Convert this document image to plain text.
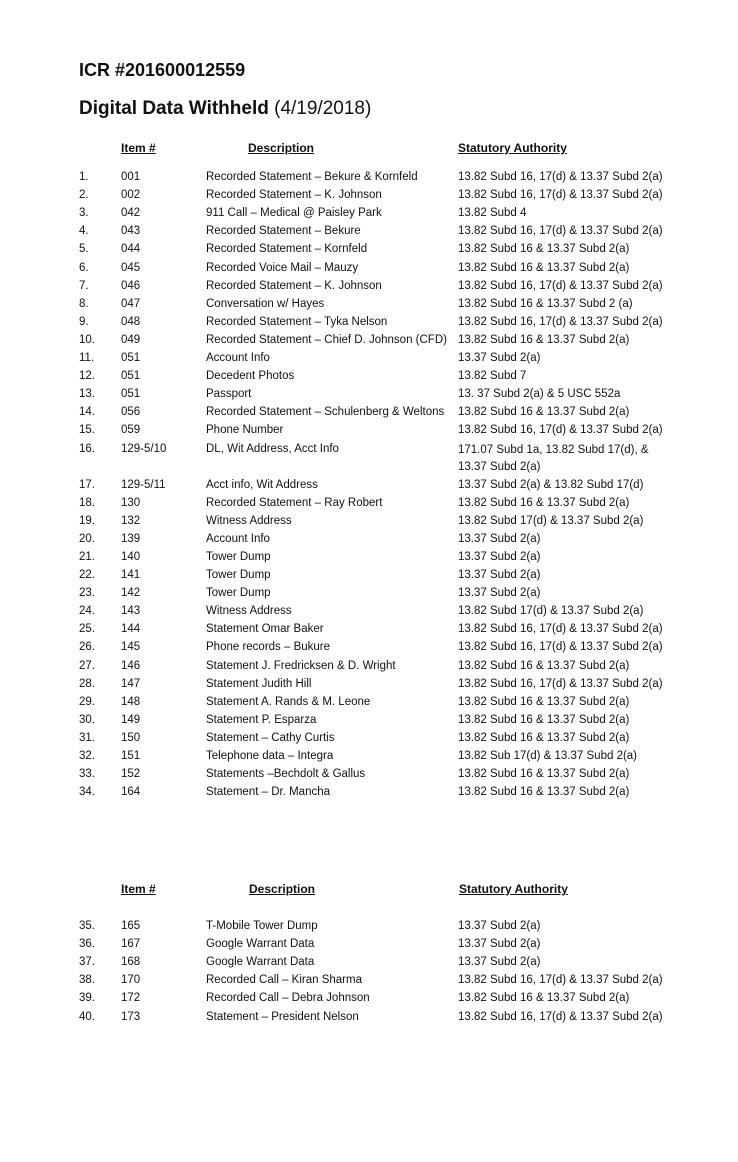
ICR #201600012559
Digital Data Withheld (4/19/2018)
Item #	Description	Statutory Authority
1.	001	Recorded Statement – Bekure & Kornfeld	13.82 Subd 16, 17(d) & 13.37 Subd 2(a)
2.	002	Recorded Statement – K. Johnson	13.82 Subd 16, 17(d) & 13.37 Subd 2(a)
3.	042	911 Call – Medical @ Paisley Park	13.82 Subd 4
4.	043	Recorded Statement – Bekure	13.82 Subd 16, 17(d) & 13.37 Subd 2(a)
5.	044	Recorded Statement – Kornfeld	13.82 Subd 16 & 13.37 Subd 2(a)
6.	045	Recorded Voice Mail – Mauzy	13.82 Subd 16 & 13.37 Subd 2(a)
7.	046	Recorded Statement – K. Johnson	13.82 Subd 16, 17(d) & 13.37 Subd 2(a)
8.	047	Conversation w/ Hayes	13.82 Subd 16 & 13.37 Subd 2 (a)
9.	048	Recorded Statement – Tyka Nelson	13.82 Subd 16, 17(d) & 13.37 Subd 2(a)
10. 049	Recorded Statement – Chief D. Johnson (CFD) 13.82 Subd 16 & 13.37 Subd 2(a)
11. 051	Account Info	13.37 Subd 2(a)
12. 051	Decedent Photos	13.82 Subd 7
13. 051	Passport	13. 37 Subd 2(a) & 5 USC 552a
14. 056	Recorded Statement – Schulenberg & Weltons 13.82 Subd 16 & 13.37 Subd 2(a)
15. 059	Phone Number	13.82 Subd 16, 17(d) & 13.37 Subd 2(a)
16. 129-5/10	DL, Wit Address, Acct Info	171.07 Subd 1a, 13.82 Subd 17(d), & 13.37 Subd 2(a)
17. 129-5/11	Acct info, Wit Address	13.37 Subd 2(a) & 13.82 Subd 17(d)
18. 130	Recorded Statement – Ray Robert	13.82 Subd 16 & 13.37 Subd 2(a)
19. 132	Witness Address	13.82 Subd 17(d) & 13.37 Subd 2(a)
20. 139	Account Info	13.37 Subd 2(a)
21. 140	Tower Dump	13.37 Subd 2(a)
22. 141	Tower Dump	13.37 Subd 2(a)
23. 142	Tower Dump	13.37 Subd 2(a)
24. 143	Witness Address	13.82 Subd 17(d) & 13.37 Subd 2(a)
25. 144	Statement Omar Baker	13.82 Subd 16, 17(d) & 13.37 Subd 2(a)
26. 145	Phone records – Bukure	13.82 Subd 16, 17(d) & 13.37 Subd 2(a)
27. 146	Statement J. Fredricksen & D. Wright	13.82 Subd 16 & 13.37 Subd 2(a)
28. 147	Statement Judith Hill	13.82 Subd 16, 17(d) & 13.37 Subd 2(a)
29. 148	Statement A. Rands & M. Leone	13.82 Subd 16 & 13.37 Subd 2(a)
30. 149	Statement P. Esparza	13.82 Subd 16 & 13.37 Subd 2(a)
31. 150	Statement – Cathy Curtis	13.82 Subd 16 & 13.37 Subd 2(a)
32. 151	Telephone data – Integra	13.82 Sub 17(d) & 13.37 Subd 2(a)
33. 152	Statements –Bechdolt & Gallus	13.82 Subd 16 & 13.37 Subd 2(a)
34. 164	Statement – Dr. Mancha	13.82 Subd 16 & 13.37 Subd 2(a)
Item #	Description	Statutory Authority
35. 165	T-Mobile Tower Dump	13.37 Subd 2(a)
36. 167	Google Warrant Data	13.37 Subd 2(a)
37. 168	Google Warrant Data	13.37 Subd 2(a)
38. 170	Recorded Call – Kiran Sharma	13.82 Subd 16, 17(d) & 13.37 Subd 2(a)
39. 172	Recorded Call – Debra Johnson	13.82 Subd 16 & 13.37 Subd 2(a)
40. 173	Statement – President Nelson	13.82 Subd 16, 17(d) & 13.37 Subd 2(a)
